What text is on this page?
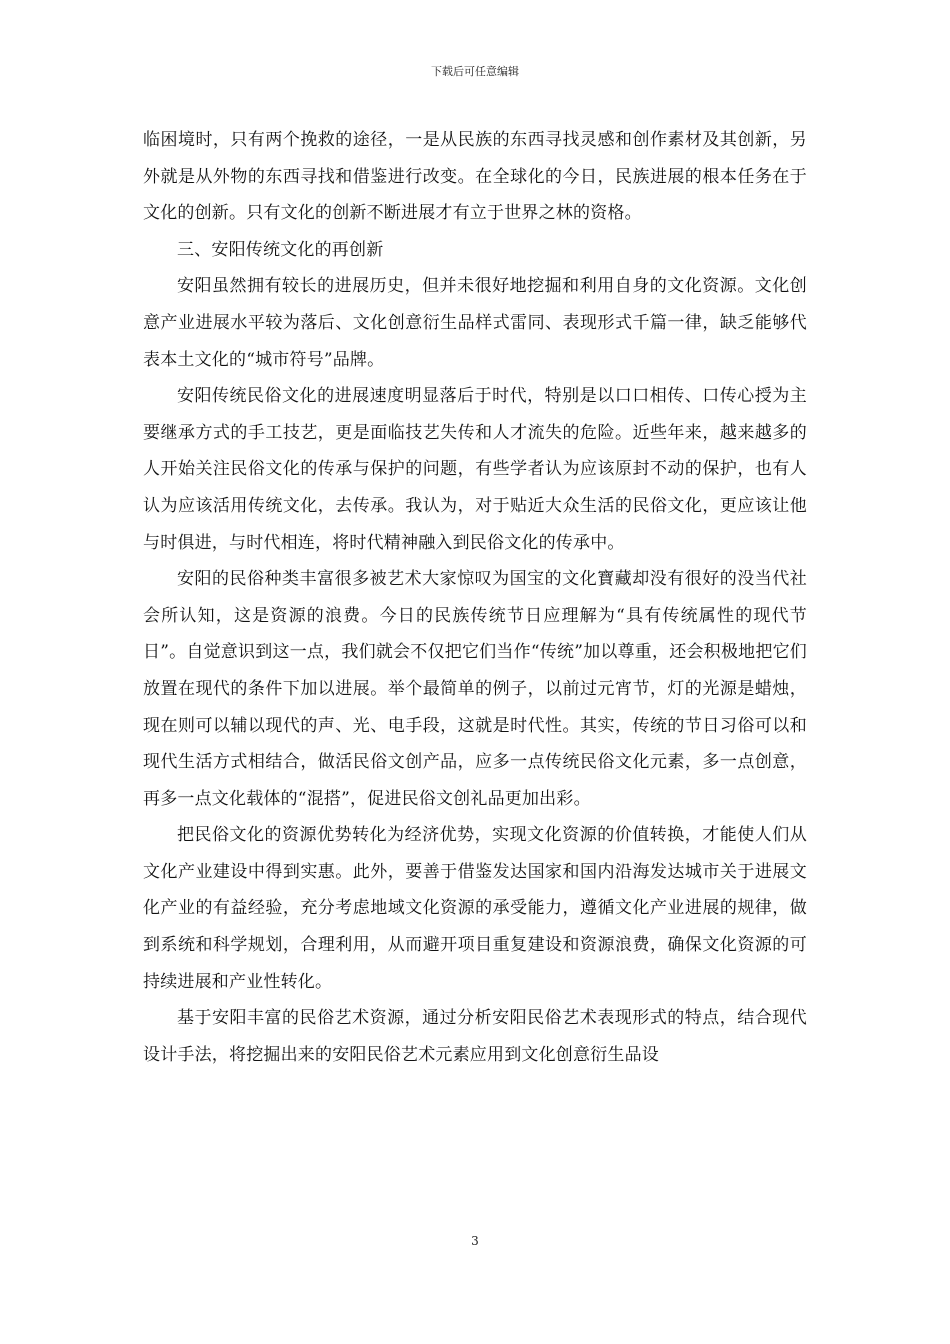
下载后可任意编辑

临困境时，只有两个挽救的途径，一是从民族的东西寻找灵感和创作素材及其创新，另外就是从外物的东西寻找和借鉴进行改变。在全球化的今日，民族进展的根本任务在于文化的创新。只有文化的创新不断进展才有立于世界之林的资格。

三、安阳传统文化的再创新

安阳虽然拥有较长的进展历史，但并未很好地挖掘和利用自身的文化资源。文化创意产业进展水平较为落后、文化创意衍生品样式雷同、表现形式千篇一律，缺乏能够代表本土文化的“城市符号”品牌。

安阳传统民俗文化的进展速度明显落后于时代，特别是以口口相传、口传心授为主要继承方式的手工技艺，更是面临技艺失传和人才流失的危险。近些年来，越来越多的人开始关注民俗文化的传承与保护的问题，有些学者认为应该原封不动的保护，也有人认为应该活用传统文化，去传承。我认为，对于贴近大众生活的民俗文化，更应该让他与时俱进，与时代相连，将时代精神融入到民俗文化的传承中。

安阳的民俗种类丰富很多被艺术大家惊叹为国宝的文化寶藏却没有很好的没当代社会所认知，这是资源的浪费。今日的民族传统节日应理解为“具有传统属性的现代节日”。自觉意识到这一点，我们就会不仅把它们当作“传统”加以尊重，还会积极地把它们放置在现代的条件下加以进展。举个最简单的例子，以前过元宵节，灯的光源是蜡烛，现在则可以辅以现代的声、光、电手段，这就是时代性。其实，传统的节日习俗可以和现代生活方式相结合，做活民俗文创产品，应多一点传统民俗文化元素，多一点创意，再多一点文化载体的“混搭”，促进民俗文创礼品更加出彩。

把民俗文化的资源优势转化为经济优势，实现文化资源的价值转换，才能使人们从文化产业建设中得到实惠。此外，要善于借鉴发达国家和国内沿海发达城市关于进展文化产业的有益经验，充分考虑地域文化资源的承受能力，遵循文化产业进展的规律，做到系统和科学规划，合理利用，从而避开项目重复建设和资源浪费，确保文化资源的可持续进展和产业性转化。

基于安阳丰富的民俗艺术资源，通过分析安阳民俗艺术表现形式的特点，结合现代设计手法，将挖掘出来的安阳民俗艺术元素应用到文化创意衍生品设

3
